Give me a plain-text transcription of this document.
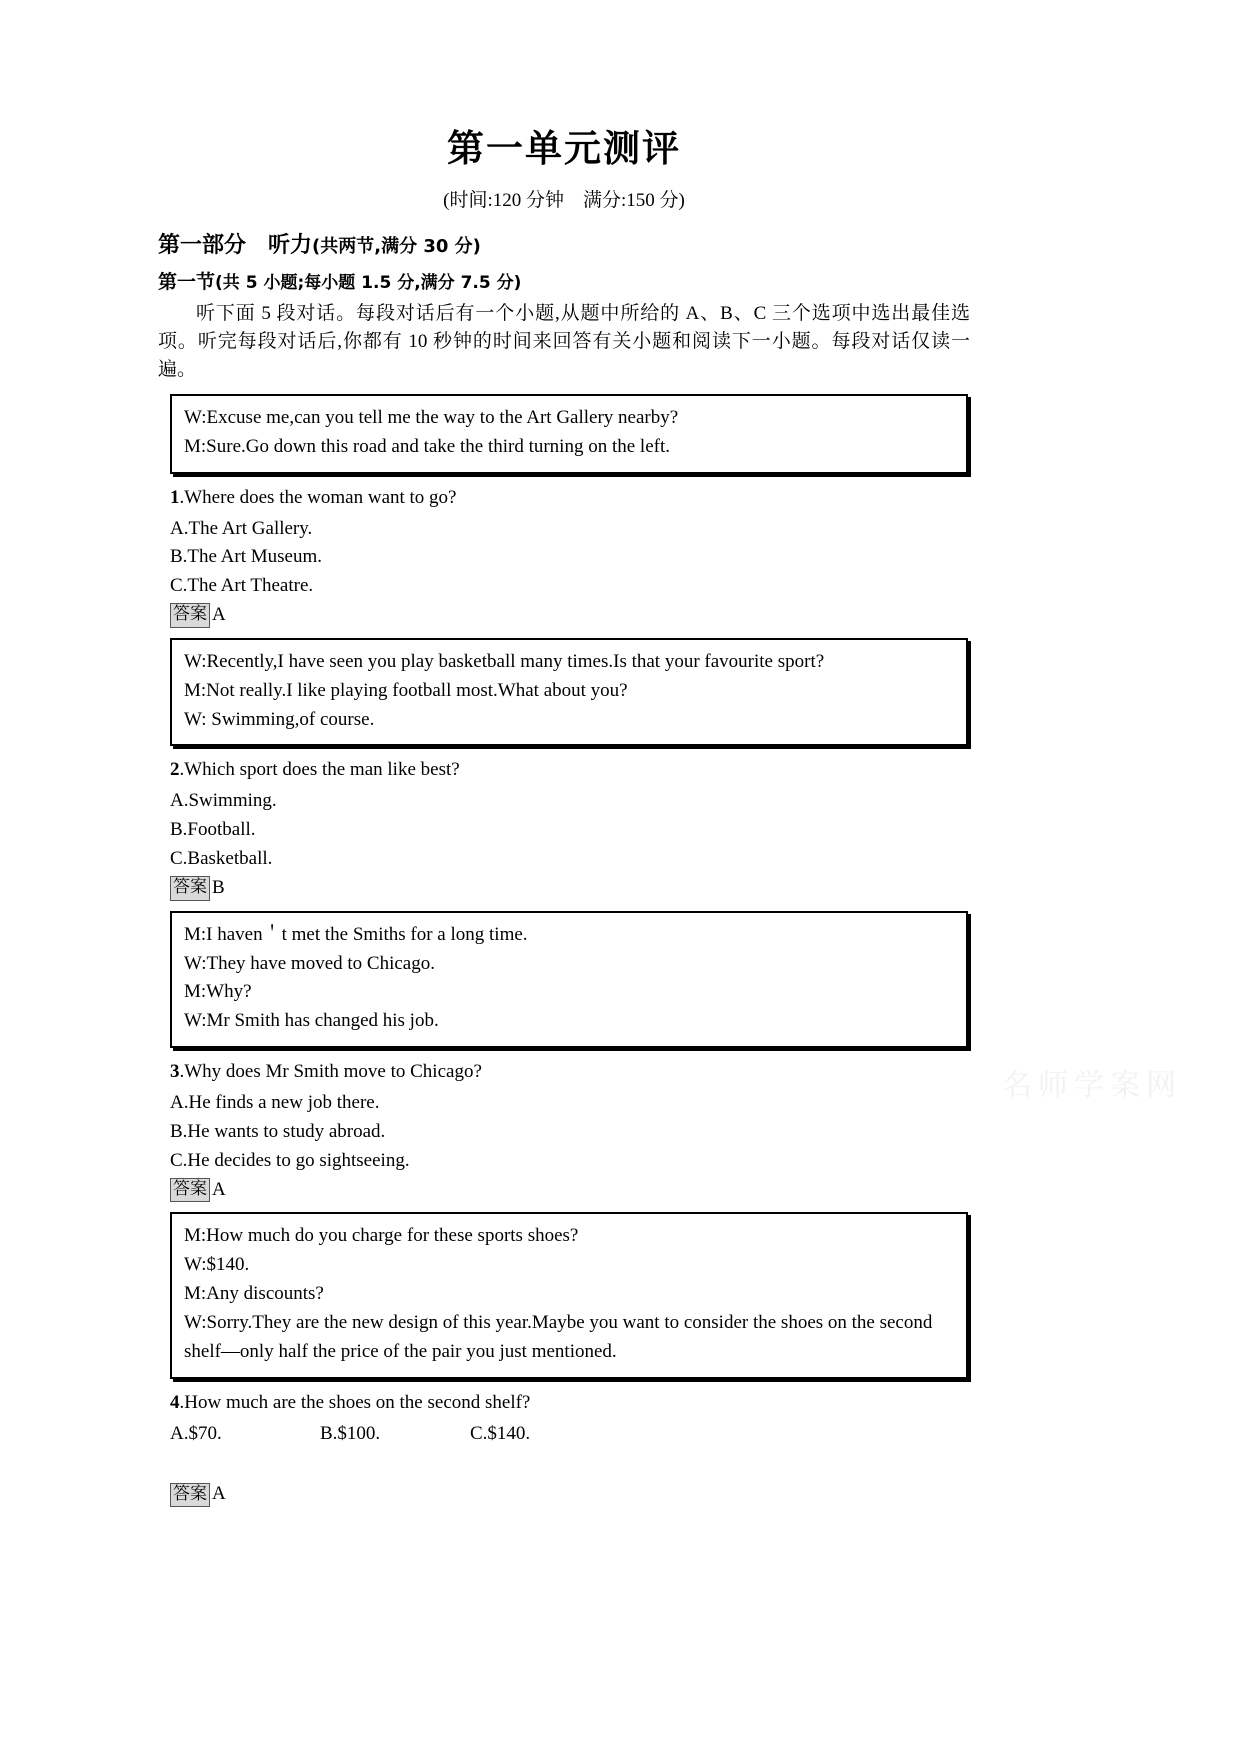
名师学案网
第一单元测评
(时间:120 分钟　满分:150 分)
第一部分　听力(共两节,满分 30 分)
第一节(共 5 小题;每小题 1.5 分,满分 7.5 分)

听下面 5 段对话。每段对话后有一个小题,从题中所给的 A、B、C 三个选项中选出最佳选项。听完每段对话后,你都有 10 秒钟的时间来回答有关小题和阅读下一小题。每段对话仅读一遍。

W:Excuse me,can you tell me the way to the Art Gallery nearby?

M:Sure.Go down this road and take the third turning on the left.

1.Where does the woman want to go?

A.The Art Gallery.

B.The Art Museum.

C.The Art Theatre.

答案 A

W:Recently,I have seen you play basketball many times.Is that your favourite sport?

M:Not really.I like playing football most.What about you?

W: Swimming,of course.

2.Which sport does the man like best?

A.Swimming.

B.Football.

C.Basketball.

答案 B

M:I haven＇t met the Smiths for a long time.

W:They have moved to Chicago.

M:Why?

W:Mr Smith has changed his job.

3.Why does Mr Smith move to Chicago?

A.He finds a new job there.

B.He wants to study abroad.

C.He decides to go sightseeing.

答案 A

M:How much do you charge for these sports shoes?

W:$140.

M:Any discounts?

W:Sorry.They are the new design of this year.Maybe you want to consider the shoes on the second shelf—only half the price of the pair you just mentioned.

4.How much are the shoes on the second shelf?

A.$70.	B.$100.	C.$140.
答案 A
